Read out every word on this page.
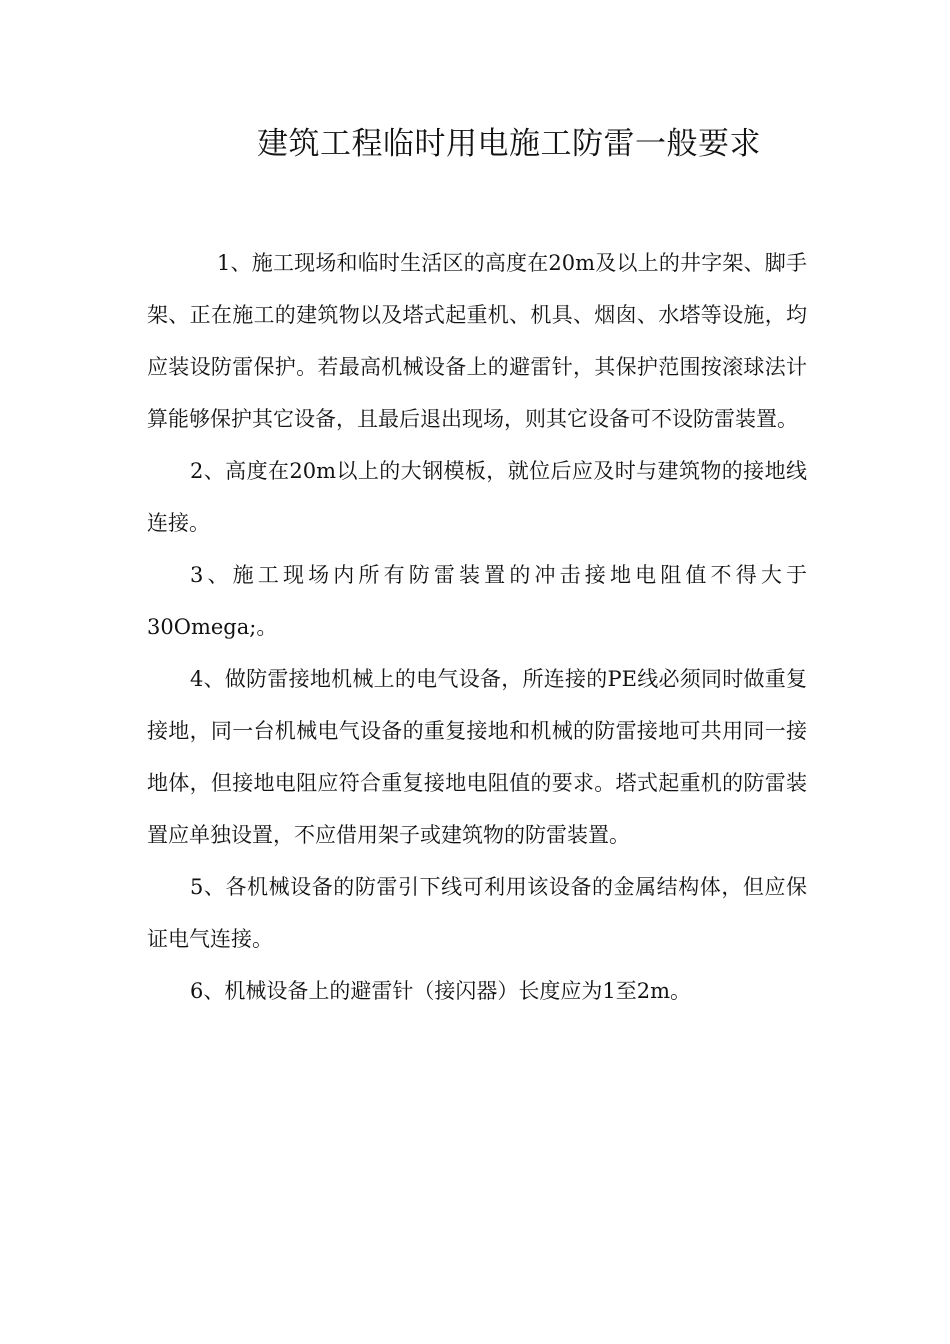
建筑工程临时用电施工防雷一般要求

1、施工现场和临时生活区的高度在20m及以上的井字架、脚手架、正在施工的建筑物以及塔式起重机、机具、烟囱、水塔等设施，均应装设防雷保护。若最高机械设备上的避雷针，其保护范围按滚球法计算能够保护其它设备，且最后退出现场，则其它设备可不设防雷装置。

2、高度在20m以上的大钢模板，就位后应及时与建筑物的接地线连接。

3、施工现场内所有防雷装置的冲击接地电阻值不得大于30Omega;。

4、做防雷接地机械上的电气设备，所连接的PE线必须同时做重复接地，同一台机械电气设备的重复接地和机械的防雷接地可共用同一接地体，但接地电阻应符合重复接地电阻值的要求。塔式起重机的防雷装置应单独设置，不应借用架子或建筑物的防雷装置。

5、各机械设备的防雷引下线可利用该设备的金属结构体，但应保证电气连接。

6、机械设备上的避雷针（接闪器）长度应为1至2m。
